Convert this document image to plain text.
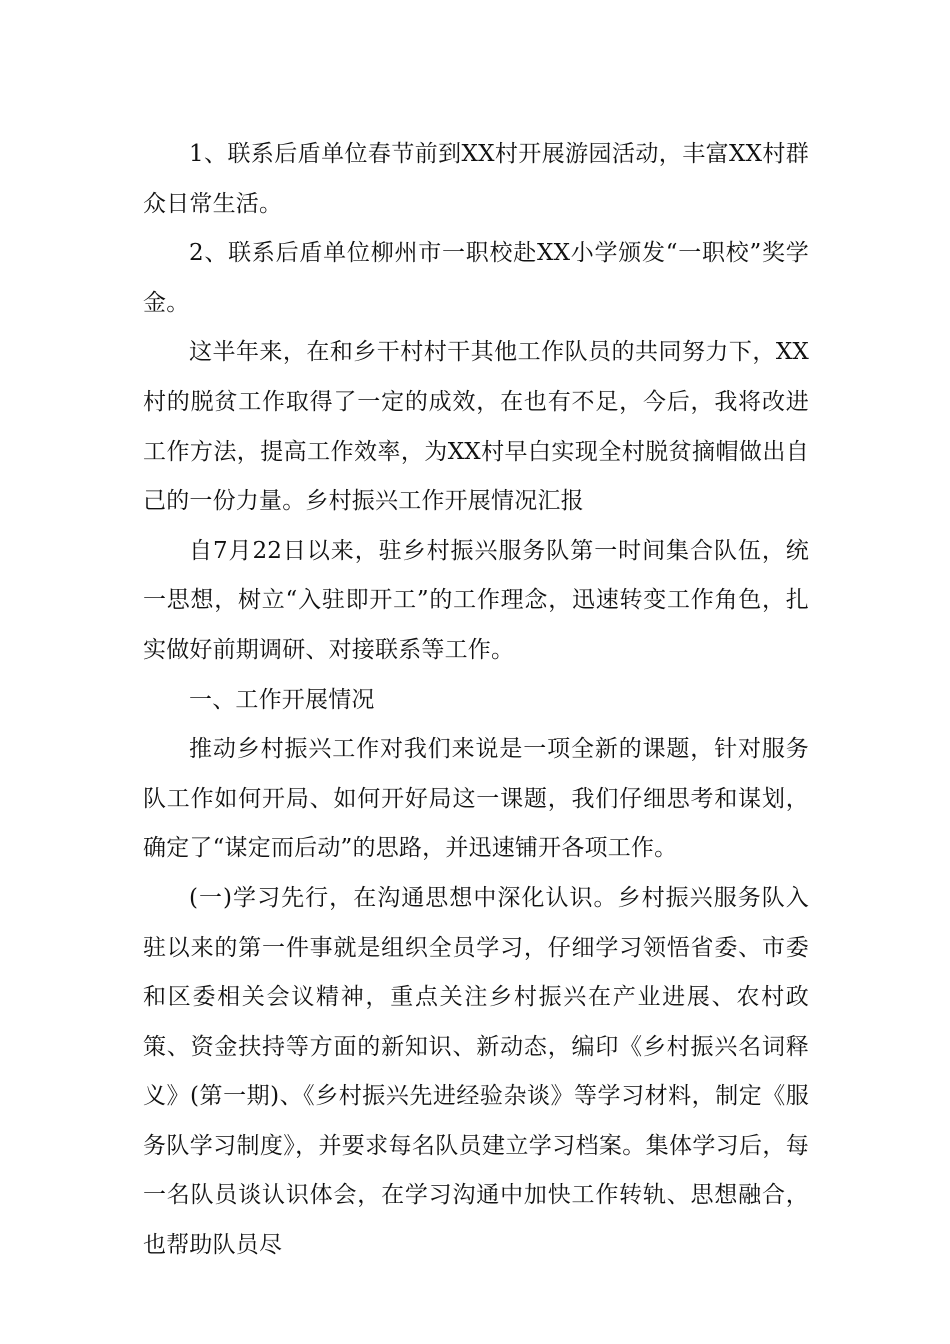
1、联系后盾单位春节前到XX村开展游园活动，丰富XX村群众日常生活。

2、联系后盾单位柳州市一职校赴XX小学颁发“一职校”奖学金。

这半年来，在和乡干村村干其他工作队员的共同努力下，XX村的脱贫工作取得了一定的成效，在也有不足，今后，我将改进工作方法，提高工作效率，为XX村早白实现全村脱贫摘帽做出自己的一份力量。乡村振兴工作开展情况汇报

自7月22日以来，驻乡村振兴服务队第一时间集合队伍，统一思想，树立“入驻即开工”的工作理念，迅速转变工作角色，扎实做好前期调研、对接联系等工作。

一、工作开展情况

推动乡村振兴工作对我们来说是一项全新的课题，针对服务队工作如何开局、如何开好局这一课题，我们仔细思考和谋划，确定了“谋定而后动”的思路，并迅速铺开各项工作。

(一)学习先行，在沟通思想中深化认识。乡村振兴服务队入驻以来的第一件事就是组织全员学习，仔细学习领悟省委、市委和区委相关会议精神，重点关注乡村振兴在产业进展、农村政策、资金扶持等方面的新知识、新动态，编印《乡村振兴名词释义》(第一期)、《乡村振兴先进经验杂谈》等学习材料，制定《服务队学习制度》，并要求每名队员建立学习档案。集体学习后，每一名队员谈认识体会，在学习沟通中加快工作转轨、思想融合，也帮助队员尽
